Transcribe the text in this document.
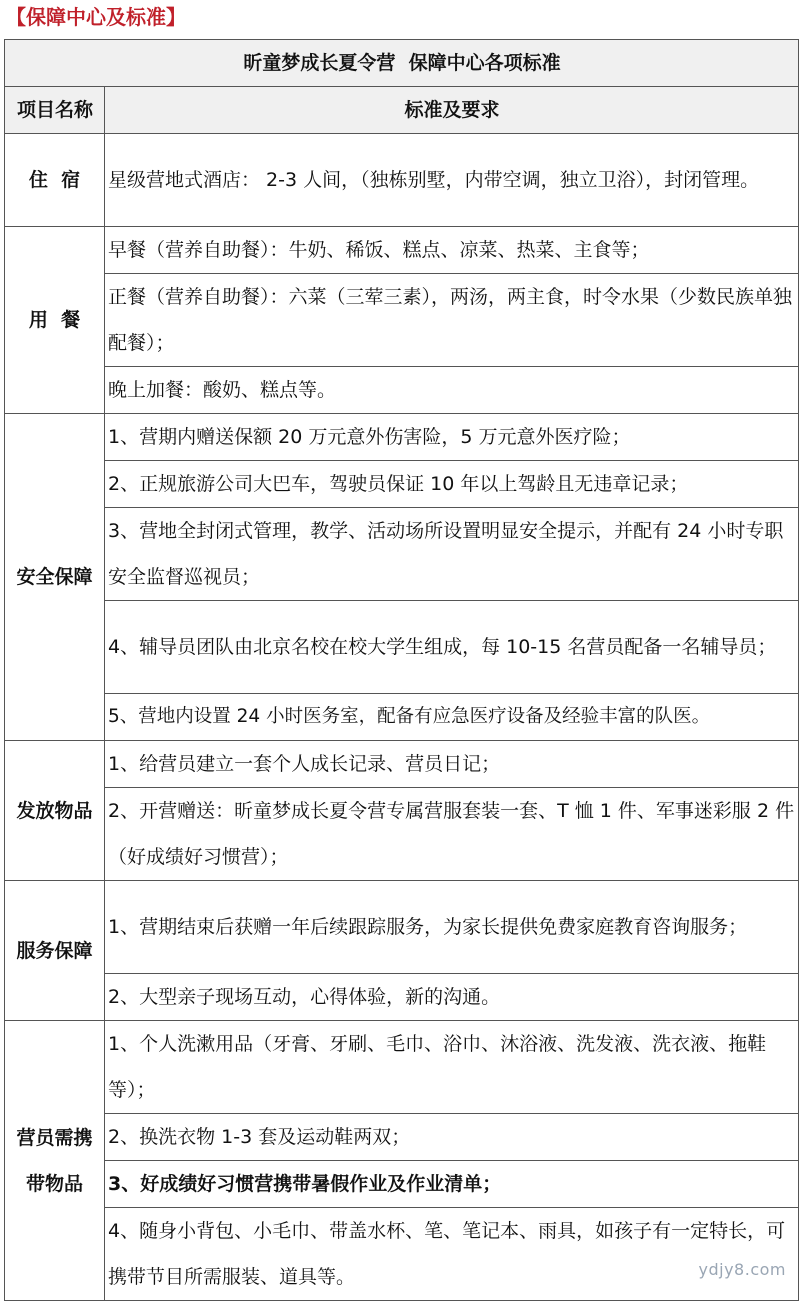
【保障中心及标准】
昕童梦成长夏令营  保障中心各项标准	
项目名称	标准及要求
住  宿	星级营地式酒店： 2-3 人间，（独栋别墅，内带空调，独立卫浴），封闭管理。
用  餐	早餐（营养自助餐）：牛奶、稀饭、糕点、凉菜、热菜、主食等；
	正餐（营养自助餐）：六菜（三荤三素），两汤，两主食，时令水果（少数民族单独配餐）；
	晚上加餐：酸奶、糕点等。
安全保障	1、营期内赠送保额 20 万元意外伤害险，5 万元意外医疗险；
	2、正规旅游公司大巴车，驾驶员保证 10 年以上驾龄且无违章记录；
	3、营地全封闭式管理，教学、活动场所设置明显安全提示，并配有 24 小时专职安全监督巡视员；
	4、辅导员团队由北京名校在校大学生组成，每 10-15 名营员配备一名辅导员；
	5、营地内设置 24 小时医务室，配备有应急医疗设备及经验丰富的队医。
发放物品	1、给营员建立一套个人成长记录、营员日记；
	2、开营赠送：昕童梦成长夏令营专属营服套装一套、T 恤 1 件、军事迷彩服 2 件（好成绩好习惯营）；
服务保障	1、营期结束后获赠一年后续跟踪服务，为家长提供免费家庭教育咨询服务；
	2、大型亲子现场互动，心得体验，新的沟通。

营员需携
带物品	1、个人洗漱用品（牙膏、牙刷、毛巾、浴巾、沐浴液、洗发液、洗衣液、拖鞋等）；
	2、换洗衣物 1-3 套及运动鞋两双；
	3、好成绩好习惯营携带暑假作业及作业清单；
	4、随身小背包、小毛巾、带盖水杯、笔、笔记本、雨具，如孩子有一定特长，可携带节目所需服装、道具等。	ydjy8.com
